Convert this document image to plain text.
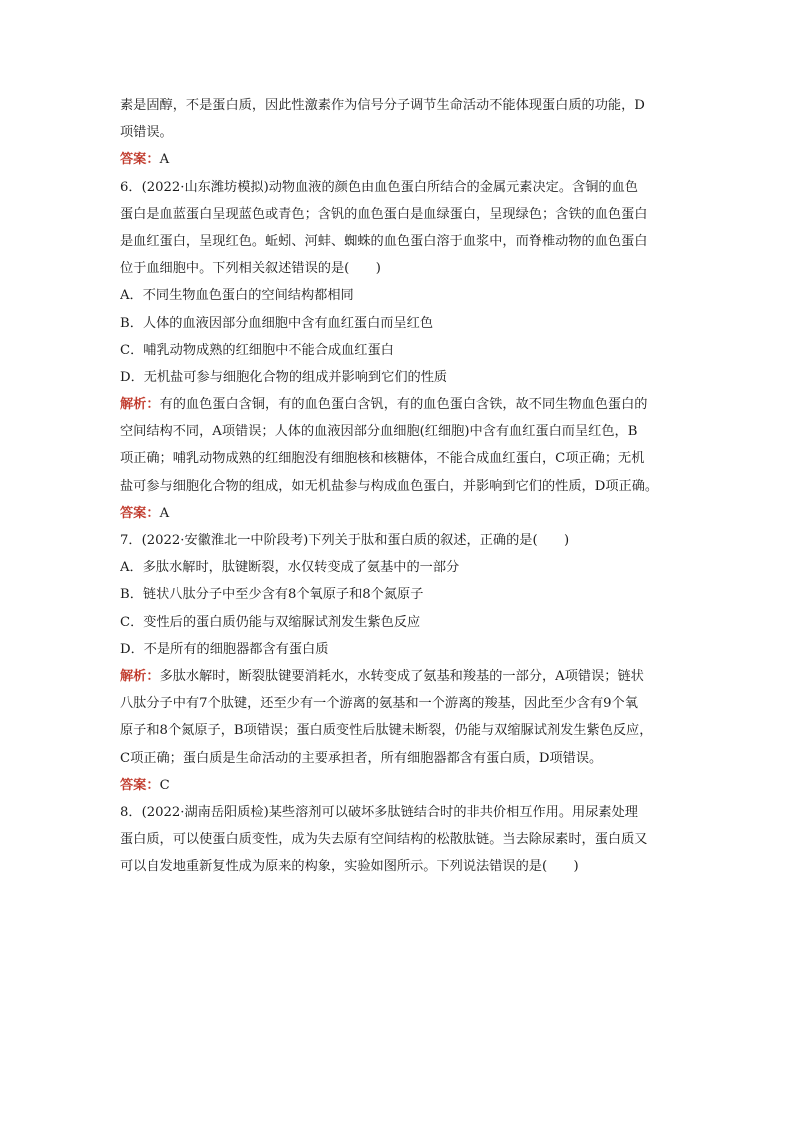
素是固醇，不是蛋白质，因此性激素作为信号分子调节生命活动不能体现蛋白质的功能，D
项错误。
答案：A
6．(2022·山东潍坊模拟)动物血液的颜色由血色蛋白所结合的金属元素决定。含铜的血色
蛋白是血蓝蛋白呈现蓝色或青色；含钒的血色蛋白是血绿蛋白，呈现绿色；含铁的血色蛋白
是血红蛋白，呈现红色。蚯蚓、河蚌、蜘蛛的血色蛋白溶于血浆中，而脊椎动物的血色蛋白
位于血细胞中。下列相关叙述错误的是(　　)
A．不同生物血色蛋白的空间结构都相同
B．人体的血液因部分血细胞中含有血红蛋白而呈红色
C．哺乳动物成熟的红细胞中不能合成血红蛋白
D．无机盐可参与细胞化合物的组成并影响到它们的性质
解析：有的血色蛋白含铜，有的血色蛋白含钒，有的血色蛋白含铁，故不同生物血色蛋白的
空间结构不同，A项错误；人体的血液因部分血细胞(红细胞)中含有血红蛋白而呈红色，B
项正确；哺乳动物成熟的红细胞没有细胞核和核糖体，不能合成血红蛋白，C项正确；无机
盐可参与细胞化合物的组成，如无机盐参与构成血色蛋白，并影响到它们的性质，D项正确。
答案：A
7．(2022·安徽淮北一中阶段考)下列关于肽和蛋白质的叙述，正确的是(　　)
A．多肽水解时，肽键断裂，水仅转变成了氨基中的一部分
B．链状八肽分子中至少含有8个氧原子和8个氮原子
C．变性后的蛋白质仍能与双缩脲试剂发生紫色反应
D．不是所有的细胞器都含有蛋白质
解析：多肽水解时，断裂肽键要消耗水，水转变成了氨基和羧基的一部分，A项错误；链状
八肽分子中有7个肽键，还至少有一个游离的氨基和一个游离的羧基，因此至少含有9个氧
原子和8个氮原子，B项错误；蛋白质变性后肽键未断裂，仍能与双缩脲试剂发生紫色反应，
C项正确；蛋白质是生命活动的主要承担者，所有细胞器都含有蛋白质，D项错误。
答案：C
8．(2022·湖南岳阳质检)某些溶剂可以破坏多肽链结合时的非共价相互作用。用尿素处理
蛋白质，可以使蛋白质变性，成为失去原有空间结构的松散肽链。当去除尿素时，蛋白质又
可以自发地重新复性成为原来的构象，实验如图所示。下列说法错误的是(　　)
